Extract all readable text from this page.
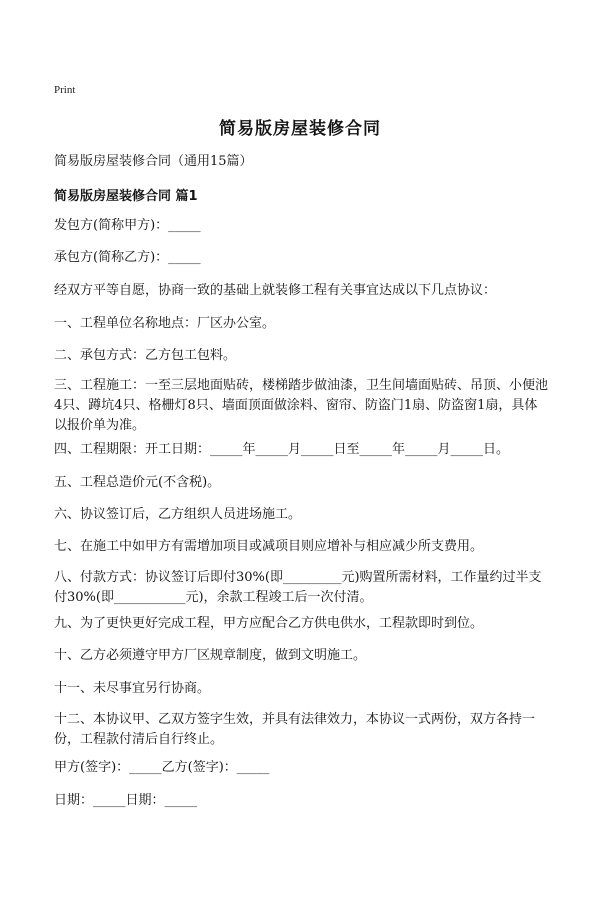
Print
简易版房屋装修合同
简易版房屋装修合同（通用15篇）
简易版房屋装修合同 篇1
发包方(简称甲方)：_____
承包方(简称乙方)：_____
经双方平等自愿，协商一致的基础上就装修工程有关事宜达成以下几点协议：
一、工程单位名称地点：厂区办公室。
二、承包方式：乙方包工包料。
三、工程施工：一至三层地面贴砖，楼梯踏步做油漆，卫生间墙面贴砖、吊顶、小便池4只、蹲坑4只、格栅灯8只、墙面顶面做涂料、窗帘、防盗门1扇、防盗窗1扇，具体以报价单为准。
四、工程期限：开工日期：_____年_____月_____日至_____年_____月_____日。
五、工程总造价元(不含税)。
六、协议签订后，乙方组织人员进场施工。
七、在施工中如甲方有需增加项目或减项目则应增补与相应减少所支费用。
八、付款方式：协议签订后即付30%(即_________元)购置所需材料，工作量约过半支付30%(即___________元)，余款工程竣工后一次付清。
九、为了更快更好完成工程，甲方应配合乙方供电供水，工程款即时到位。
十、乙方必须遵守甲方厂区规章制度，做到文明施工。
十一、未尽事宜另行协商。
十二、本协议甲、乙双方签字生效，并具有法律效力，本协议一式两份，双方各持一份，工程款付清后自行终止。
甲方(签字)：_____乙方(签字)：_____
日期：_____日期：_____
